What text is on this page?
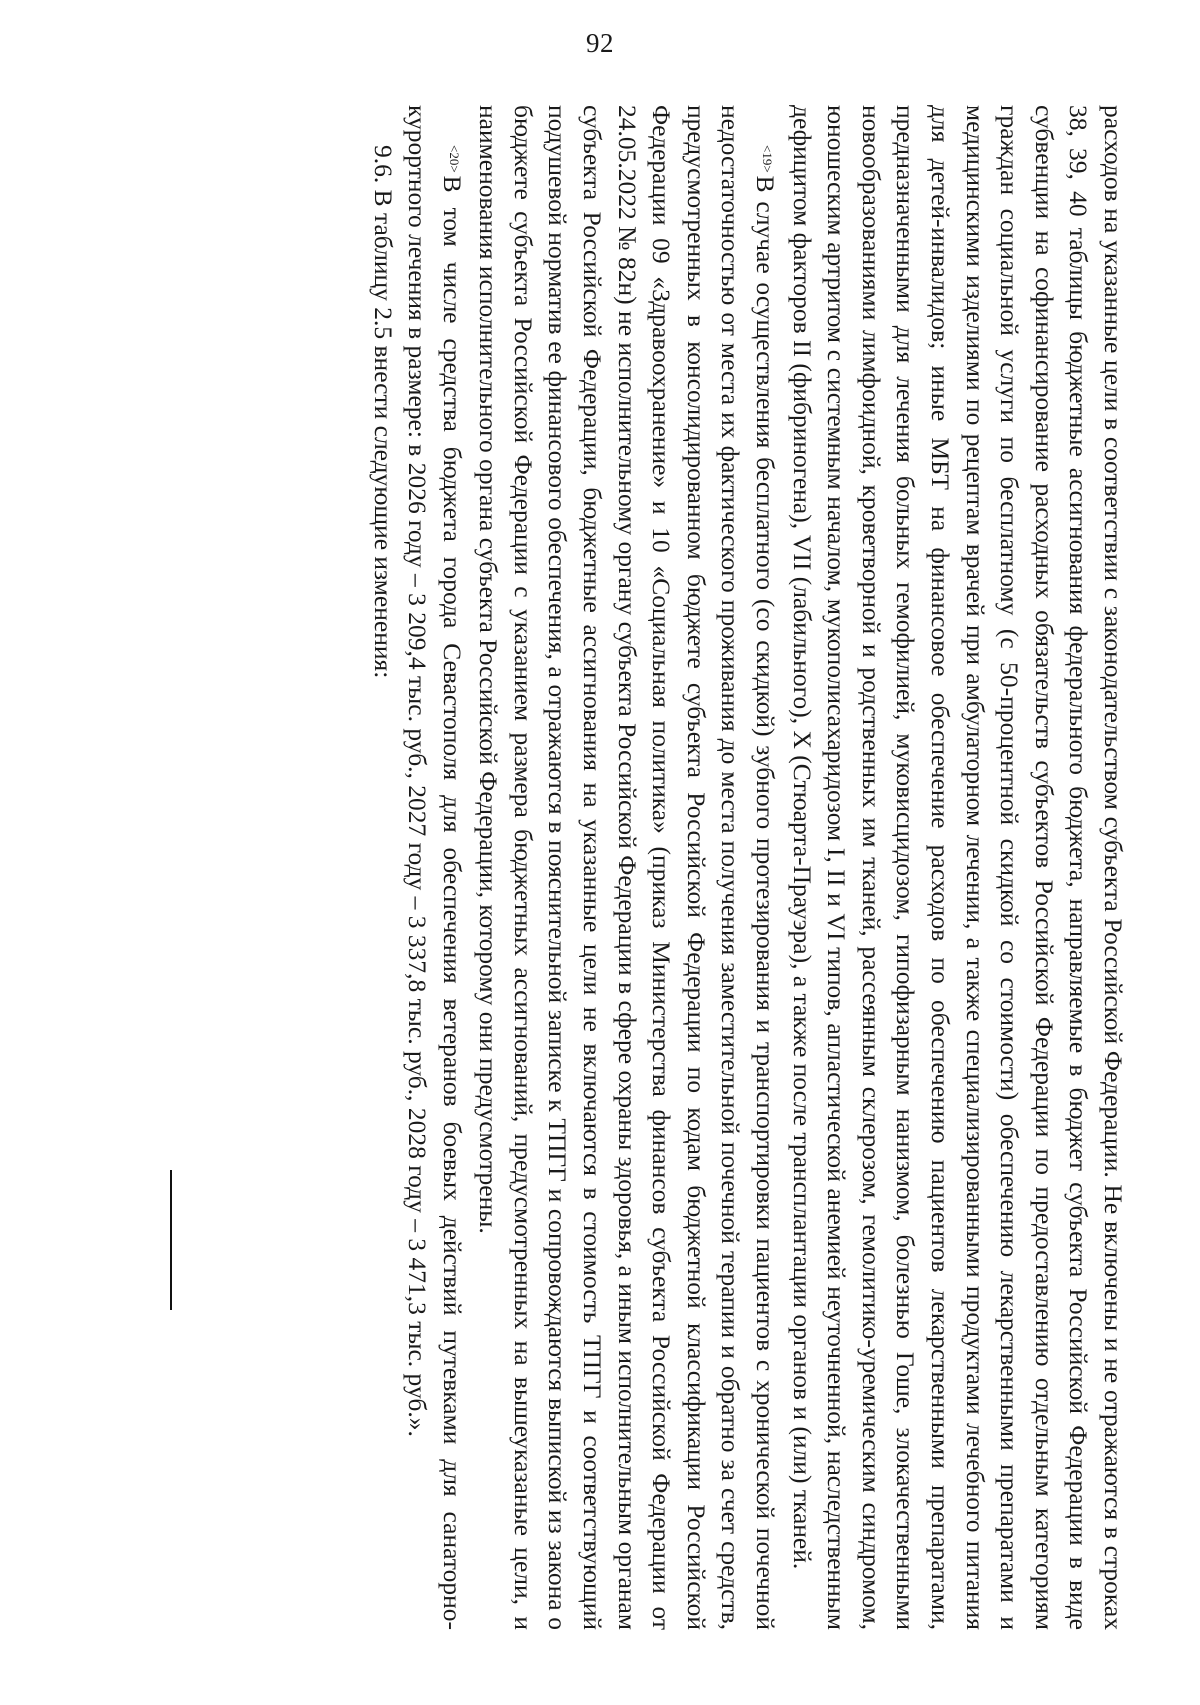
92

расходов на указанные цели в соответствии с законодательством субъекта Российской Федерации. Не включены и не отражаются в строках 38, 39, 40 таблицы бюджетные ассигнования федерального бюджета, направляемые в бюджет субъекта Российской Федерации в виде субвенции на софинансирование расходных обязательств субъектов Российской Федерации по предоставлению отдельным категориям граждан социальной услуги по бесплатному (с 50-процентной скидкой со стоимости) обеспечению лекарственными препаратами и медицинскими изделиями по рецептам врачей при амбулаторном лечении, а также специализированными продуктами лечебного питания для детей-инвалидов; иные МБТ на финансовое обеспечение расходов по обеспечению пациентов лекарственными препаратами, предназначенными для лечения больных гемофилией, муковисцидозом, гипофизарным нанизмом, болезнью Гоше, злокачественными новообразованиями лимфоидной, кроветворной и родственных им тканей, рассеянным склерозом, гемолитико-уремическим синдромом, юношеским артритом с системным началом, мукополисахаридозом I, II и VI типов, апластической анемией неуточненной, наследственным дефицитом факторов II (фибриногена), VII (лабильного), X (Стюарта-Прауэра), а также после трансплантации органов и (или) тканей.

$^{<19>}$В случае осуществления бесплатного (со скидкой) зубного протезирования и транспортировки пациентов с хронической почечной недостаточностью от места их фактического проживания до места получения заместительной почечной терапии и обратно за счет средств, предусмотренных в консолидированном бюджете субъекта Российской Федерации по кодам бюджетной классификации Российской Федерации 09 «Здравоохранение» и 10 «Социальная политика» (приказ Министерства финансов субъекта Российской Федерации от 24.05.2022 № 82н) не исполнительному органу субъекта Российской Федерации в сфере охраны здоровья, а иным исполнительным органам субъекта Российской Федерации, бюджетные ассигнования на указанные цели не включаются в стоимость ТПГГ и соответствующий подушевой норматив ее финансового обеспечения, а отражаются в пояснительной записке к ТПГГ и сопровождаются выпиской из закона о бюджете субъекта Российской Федерации с указанием размера бюджетных ассигнований, предусмотренных на вышеуказаные цели, и наименования исполнительного органа субъекта Российской Федерации, которому они предусмотрены.

$^{<20>}$В том числе средства бюджета города Севастополя для обеспечения ветеранов боевых действий путевками для санаторно-курортного лечения в размере: в 2026 году – 3 209,4 тыс. руб., 2027 году – 3 337,8 тыс. руб., 2028 году – 3 471,3 тыс. руб.».

9.6. В таблицу 2.5 внести следующие изменения:
